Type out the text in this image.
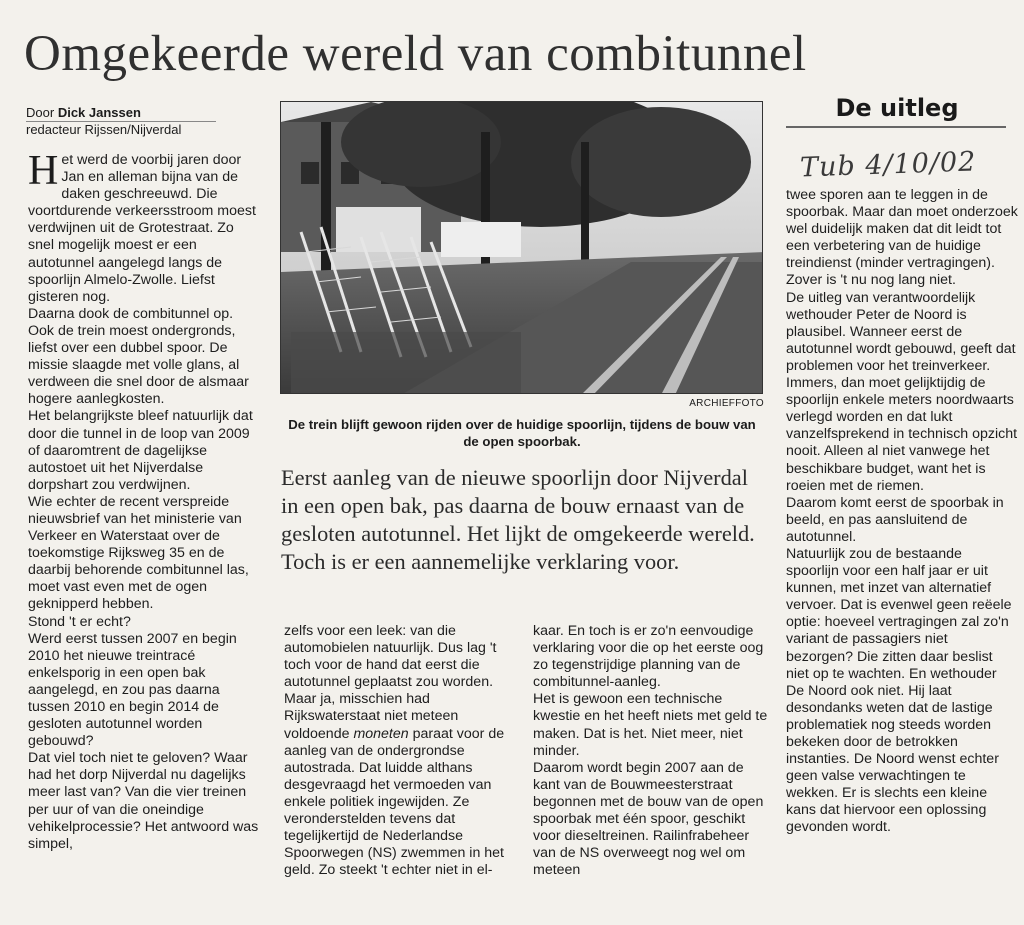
Omgekeerde wereld van combitunnel
Door Dick Janssen
redacteur Rijssen/Nijverdal

Het werd de voorbij jaren door Jan en alleman bijna van de daken geschreeuwd. Die voortdurende verkeersstroom moest verdwijnen uit de Grotestraat. Zo snel mogelijk moest er een autotunnel aangelegd langs de spoorlijn Almelo-Zwolle. Liefst gisteren nog.

Daarna dook de combitunnel op. Ook de trein moest ondergronds, liefst over een dubbel spoor. De missie slaagde met volle glans, al verdween die snel door de alsmaar hogere aanlegkosten.

Het belangrijkste bleef natuurlijk dat door die tunnel in de loop van 2009 of daaromtrent de dagelijkse autostoet uit het Nijverdalse dorpshart zou verdwijnen.

Wie echter de recent verspreide nieuwsbrief van het ministerie van Verkeer en Waterstaat over de toekomstige Rijksweg 35 en de daarbij behorende combitunnel las, moet vast even met de ogen geknipperd hebben.

Stond 't er echt?

Werd eerst tussen 2007 en begin 2010 het nieuwe treintracé enkelsporig in een open bak aangelegd, en zou pas daarna tussen 2010 en begin 2014 de gesloten autotunnel worden gebouwd?

Dat viel toch niet te geloven? Waar had het dorp Nijverdal nu dagelijks meer last van? Van die vier treinen per uur of van die oneindige vehikelprocessie? Het antwoord was simpel,

ARCHIEFFOTO
De trein blijft gewoon rijden over de huidige spoorlijn, tijdens de bouw van de open spoorbak.
Eerst aanleg van de nieuwe spoorlijn door Nijverdal in een open bak, pas daarna de bouw ernaast van de gesloten autotunnel. Het lijkt de omgekeerde wereld. Toch is er een aannemelijke verklaring voor.

zelfs voor een leek: van die automobielen natuurlijk. Dus lag 't toch voor de hand dat eerst die autotunnel geplaatst zou worden.

Maar ja, misschien had Rijkswaterstaat niet meteen voldoende moneten paraat voor de aanleg van de ondergrondse autostrada. Dat luidde althans desgevraagd het vermoeden van enkele politiek ingewijden. Ze veronderstelden tevens dat tegelijkertijd de Nederlandse Spoorwegen (NS) zwemmen in het geld. Zo steekt 't echter niet in el-

kaar. En toch is er zo'n eenvoudige verklaring voor die op het eerste oog zo tegenstrijdige planning van de combitunnel-aanleg.

Het is gewoon een technische kwestie en het heeft niets met geld te maken. Dat is het. Niet meer, niet minder.

Daarom wordt begin 2007 aan de kant van de Bouwmeesterstraat begonnen met de bouw van de open spoorbak met één spoor, geschikt voor dieseltreinen. Railinfrabeheer van de NS overweegt nog wel om meteen

De uitleg
Tub 4/10/02

twee sporen aan te leggen in de spoorbak. Maar dan moet onderzoek wel duidelijk maken dat dit leidt tot een verbetering van de huidige treindienst (minder vertragingen). Zover is 't nu nog lang niet.

De uitleg van verantwoordelijk wethouder Peter de Noord is plausibel. Wanneer eerst de autotunnel wordt gebouwd, geeft dat problemen voor het treinverkeer. Immers, dan moet gelijktijdig de spoorlijn enkele meters noordwaarts verlegd worden en dat lukt vanzelfsprekend in technisch opzicht nooit. Alleen al niet vanwege het beschikbare budget, want het is roeien met de riemen.

Daarom komt eerst de spoorbak in beeld, en pas aansluitend de autotunnel.

Natuurlijk zou de bestaande spoorlijn voor een half jaar er uit kunnen, met inzet van alternatief vervoer. Dat is evenwel geen reëele optie: hoeveel vertragingen zal zo'n variant de passagiers niet bezorgen? Die zitten daar beslist niet op te wachten. En wethouder De Noord ook niet. Hij laat desondanks weten dat de lastige problematiek nog steeds worden bekeken door de betrokken instanties. De Noord wenst echter geen valse verwachtingen te wekken. Er is slechts een kleine kans dat hiervoor een oplossing gevonden wordt.
